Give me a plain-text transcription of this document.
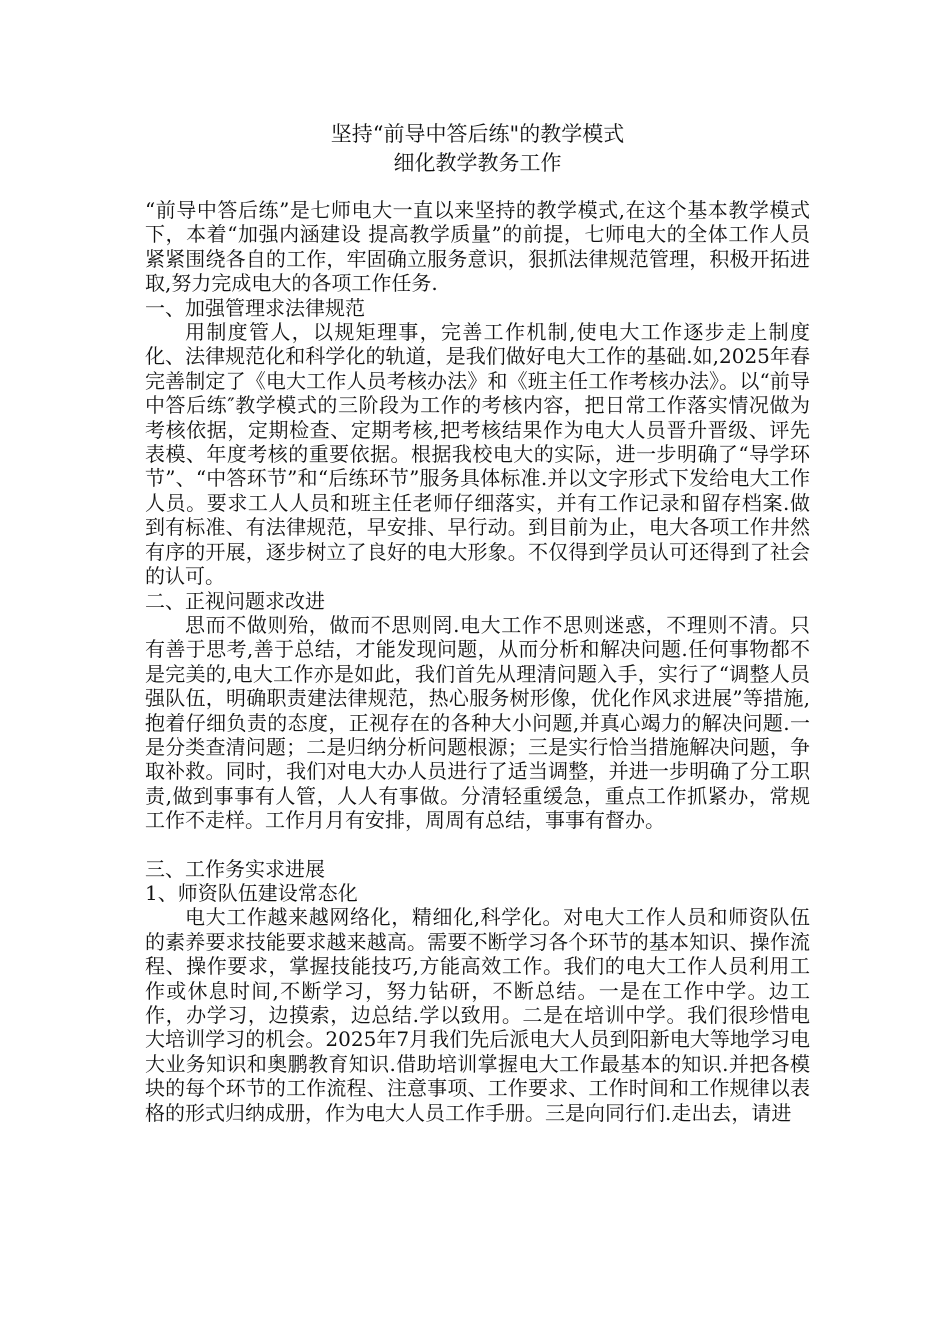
坚持“前导中答后练"的教学模式
细化教学教务工作

“前导中答后练”是七师电大一直以来坚持的教学模式,在这个基本教学模式下，本着“加强内涵建设 提高教学质量”的前提，七师电大的全体工作人员紧紧围绕各自的工作，牢固确立服务意识，狠抓法律规范管理，积极开拓进取,努力完成电大的各项工作任务.

一、加强管理求法律规范

用制度管人，以规矩理事，完善工作机制,使电大工作逐步走上制度化、法律规范化和科学化的轨道，是我们做好电大工作的基础.如,2025年春完善制定了《电大工作人员考核办法》和《班主任工作考核办法》。以“前导中答后练″教学模式的三阶段为工作的考核内容，把日常工作落实情况做为考核依据，定期检查、定期考核,把考核结果作为电大人员晋升晋级、评先表模、年度考核的重要依据。根据我校电大的实际，进一步明确了“导学环节”、“中答环节”和“后练环节”服务具体标准.并以文字形式下发给电大工作人员。要求工人人员和班主任老师仔细落实，并有工作记录和留存档案.做到有标准、有法律规范，早安排、早行动。到目前为止，电大各项工作井然有序的开展，逐步树立了良好的电大形象。不仅得到学员认可还得到了社会的认可。

二、正视问题求改进

思而不做则殆，做而不思则罔.电大工作不思则迷惑，不理则不清。只有善于思考,善于总结，才能发现问题，从而分析和解决问题.任何事物都不是完美的,电大工作亦是如此，我们首先从理清问题入手，实行了“调整人员强队伍，明确职责建法律规范，热心服务树形像，优化作风求进展”等措施,抱着仔细负责的态度，正视存在的各种大小问题,并真心竭力的解决问题.一是分类查清问题；二是归纳分析问题根源；三是实行恰当措施解决问题，争取补救。同时，我们对电大办人员进行了适当调整，并进一步明确了分工职责,做到事事有人管，人人有事做。分清轻重缓急，重点工作抓紧办，常规工作不走样。工作月月有安排，周周有总结，事事有督办。

三、工作务实求进展

1、师资队伍建设常态化

电大工作越来越网络化，精细化,科学化。对电大工作人员和师资队伍的素养要求技能要求越来越高。需要不断学习各个环节的基本知识、操作流程、操作要求，掌握技能技巧,方能高效工作。我们的电大工作人员利用工作或休息时间,不断学习，努力钻研，不断总结。一是在工作中学。边工作，办学习，边摸索，边总结.学以致用。二是在培训中学。我们很珍惜电大培训学习的机会。2025年7月我们先后派电大人员到阳新电大等地学习电大业务知识和奥鹏教育知识.借助培训掌握电大工作最基本的知识.并把各模块的每个环节的工作流程、注意事项、工作要求、工作时间和工作规律以表格的形式归纳成册，作为电大人员工作手册。三是向同行们.走出去，请进
